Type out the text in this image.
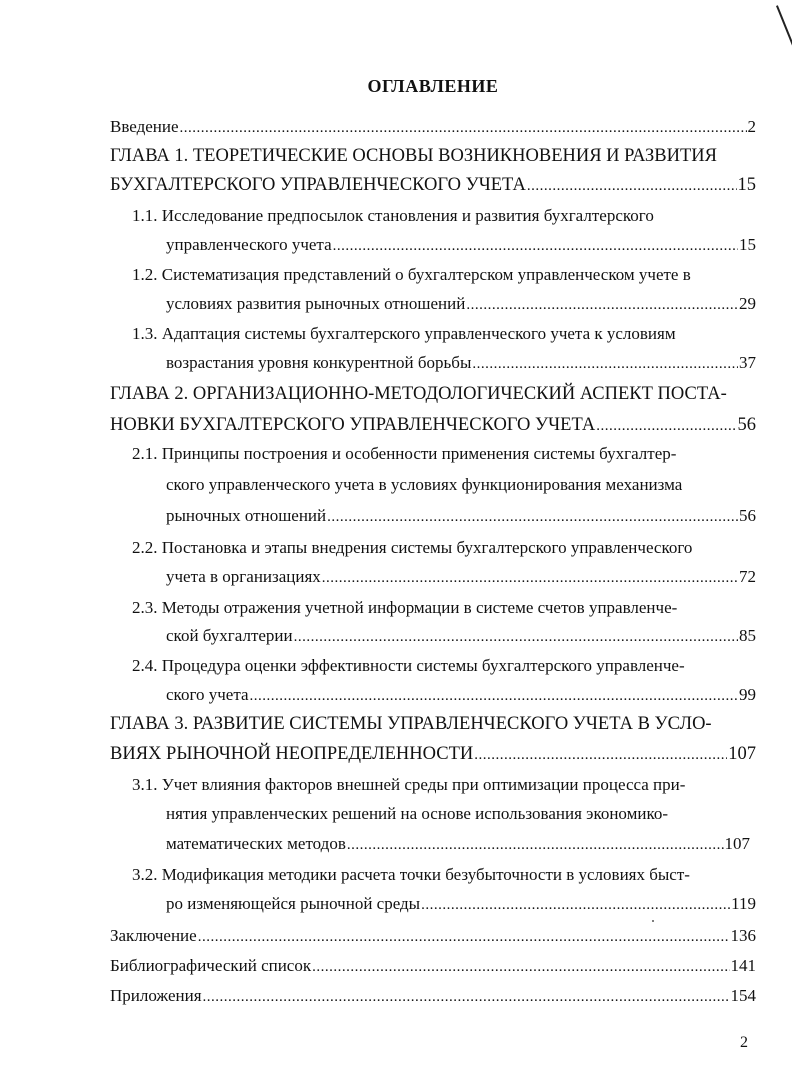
ОГЛАВЛЕНИЕ
Введение .....	2
ГЛАВА 1. ТЕОРЕТИЧЕСКИЕ ОСНОВЫ ВОЗНИКНОВЕНИЯ И РАЗВИТИЯ
БУХГАЛТЕРСКОГО УПРАВЛЕНЧЕСКОГО УЧЕТА .....	15
1.1. Исследование предпосылок становления и развития бухгалтерского
управленческого учета .....	15
1.2. Систематизация представлений о бухгалтерском управленческом учете в
условиях развития рыночных отношений .....	29
1.3. Адаптация системы бухгалтерского управленческого учета к условиям
возрастания уровня конкурентной борьбы .....	37
ГЛАВА 2. ОРГАНИЗАЦИОННО-МЕТОДОЛОГИЧЕСКИЙ АСПЕКТ ПОСТА-
НОВКИ БУХГАЛТЕРСКОГО УПРАВЛЕНЧЕСКОГО УЧЕТА .....	56
2.1. Принципы построения и особенности применения системы бухгалтер-
ского управленческого учета в условиях функционирования механизма
рыночных отношений .....	56
2.2. Постановка и этапы внедрения системы бухгалтерского управленческого
учета в организациях .....	72
2.3. Методы отражения учетной информации в системе счетов управленче-
ской бухгалтерии .....	85
2.4. Процедура оценки эффективности системы бухгалтерского управленче-
ского учета .....	99
ГЛАВА 3. РАЗВИТИЕ СИСТЕМЫ УПРАВЛЕНЧЕСКОГО УЧЕТА В УСЛО-
ВИЯХ РЫНОЧНОЙ НЕОПРЕДЕЛЕННОСТИ .....	107
3.1. Учет влияния факторов внешней среды при оптимизации процесса при-
нятия управленческих решений на основе использования экономико-
математических методов .....	107
3.2. Модификация методики расчета точки безубыточности в условиях быст-
ро изменяющейся рыночной среды .....	119
Заключение .....	136
Библиографический список .....	141
Приложения .....	154
2
